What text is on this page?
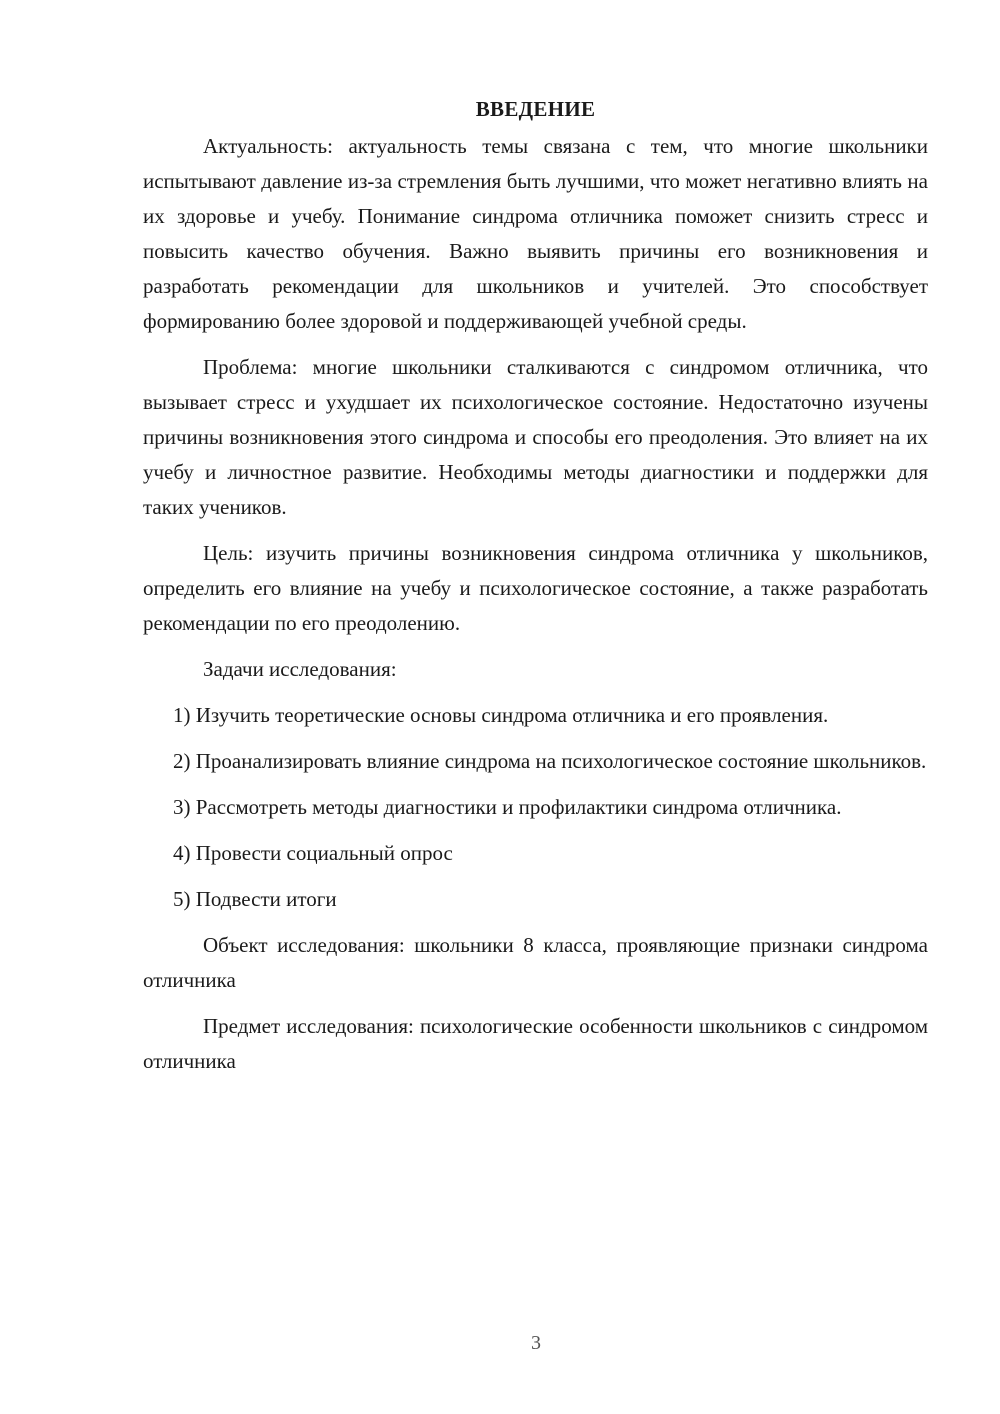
ВВЕДЕНИЕ

Актуальность: актуальность темы связана с тем, что многие школьники испытывают давление из-за стремления быть лучшими, что может негативно влиять на их здоровье и учебу. Понимание синдрома отличника поможет снизить стресс и повысить качество обучения. Важно выявить причины его возникновения и разработать рекомендации для школьников и учителей. Это способствует формированию более здоровой и поддерживающей учебной среды.

Проблема: многие школьники сталкиваются с синдромом отличника, что вызывает стресс и ухудшает их психологическое состояние. Недостаточно изучены причины возникновения этого синдрома и способы его преодоления. Это влияет на их учебу и личностное развитие. Необходимы методы диагностики и поддержки для таких учеников.

Цель: изучить причины возникновения синдрома отличника у школьников, определить его влияние на учебу и психологическое состояние, а также разработать рекомендации по его преодолению.

Задачи исследования:

1) Изучить теоретические основы синдрома отличника и его проявления.

2) Проанализировать влияние синдрома на психологическое состояние школьников.

3) Рассмотреть методы диагностики и профилактики синдрома отличника.

4) Провести социальный опрос

5) Подвести итоги

Объект исследования: школьники 8 класса, проявляющие признаки синдрома отличника

Предмет исследования: психологические особенности школьников с синдромом отличника

3
